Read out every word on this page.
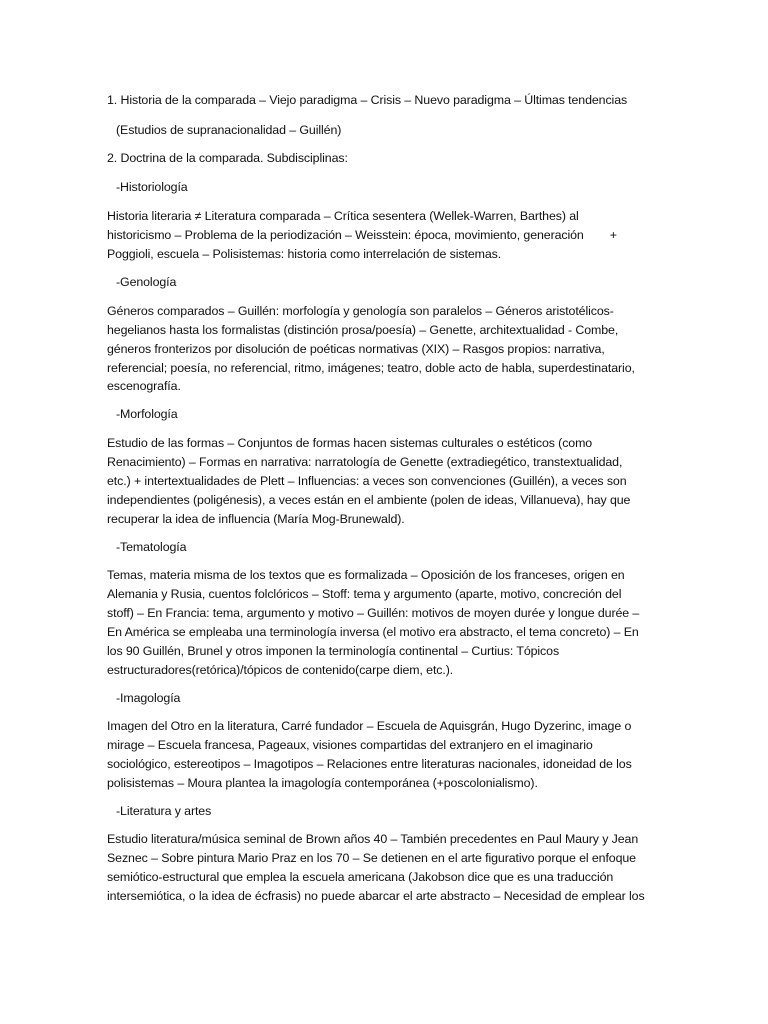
1. Historia de la comparada – Viejo paradigma – Crisis – Nuevo paradigma – Últimas tendencias
(Estudios de supranacionalidad – Guillén)
2. Doctrina de la comparada. Subdisciplinas:
-Historiología
Historia literaria ≠ Literatura comparada – Crítica sesentera (Wellek-Warren, Barthes) al
historicismo – Problema de la periodización – Weisstein: época, movimiento, generación +
Poggioli, escuela – Polisistemas: historia como interrelación de sistemas.
-Genología
Géneros comparados – Guillén: morfología y genología son paralelos – Géneros aristotélicos-
hegelianos hasta los formalistas (distinción prosa/poesía) – Genette, architextualidad - Combe,
géneros fronterizos por disolución de poéticas normativas (XIX) – Rasgos propios: narrativa,
referencial; poesía, no referencial, ritmo, imágenes; teatro, doble acto de habla, superdestinatario,
escenografía.
-Morfología
Estudio de las formas – Conjuntos de formas hacen sistemas culturales o estéticos (como
Renacimiento) – Formas en narrativa: narratología de Genette (extradiegético, transtextualidad,
etc.) + intertextualidades de Plett – Influencias: a veces son convenciones (Guillén), a veces son
independientes (poligénesis), a veces están en el ambiente (polen de ideas, Villanueva), hay que
recuperar la idea de influencia (María Mog-Brunewald).
-Tematología
Temas, materia misma de los textos que es formalizada – Oposición de los franceses, origen en
Alemania y Rusia, cuentos folclóricos – Stoff: tema y argumento (aparte, motivo, concreción del
stoff) – En Francia: tema, argumento y motivo – Guillén: motivos de moyen durée y longue durée –
En América se empleaba una terminología inversa (el motivo era abstracto, el tema concreto) – En
los 90 Guillén, Brunel y otros imponen la terminología continental – Curtius: Tópicos
estructuradores(retórica)/tópicos de contenido(carpe diem, etc.).
-Imagología
Imagen del Otro en la literatura, Carré fundador – Escuela de Aquisgrán, Hugo Dyzerinc, image o
mirage – Escuela francesa, Pageaux, visiones compartidas del extranjero en el imaginario
sociológico, estereotipos – Imagotipos – Relaciones entre literaturas nacionales, idoneidad de los
polisistemas – Moura plantea la imagología contemporánea (+poscolonialismo).
-Literatura y artes
Estudio literatura/música seminal de Brown años 40 – También precedentes en Paul Maury y Jean
Seznec – Sobre pintura Mario Praz en los 70 – Se detienen en el arte figurativo porque el enfoque
semiótico-estructural que emplea la escuela americana (Jakobson dice que es una traducción
intersemiótica, o la idea de écfrasis) no puede abarcar el arte abstracto – Necesidad de emplear los
